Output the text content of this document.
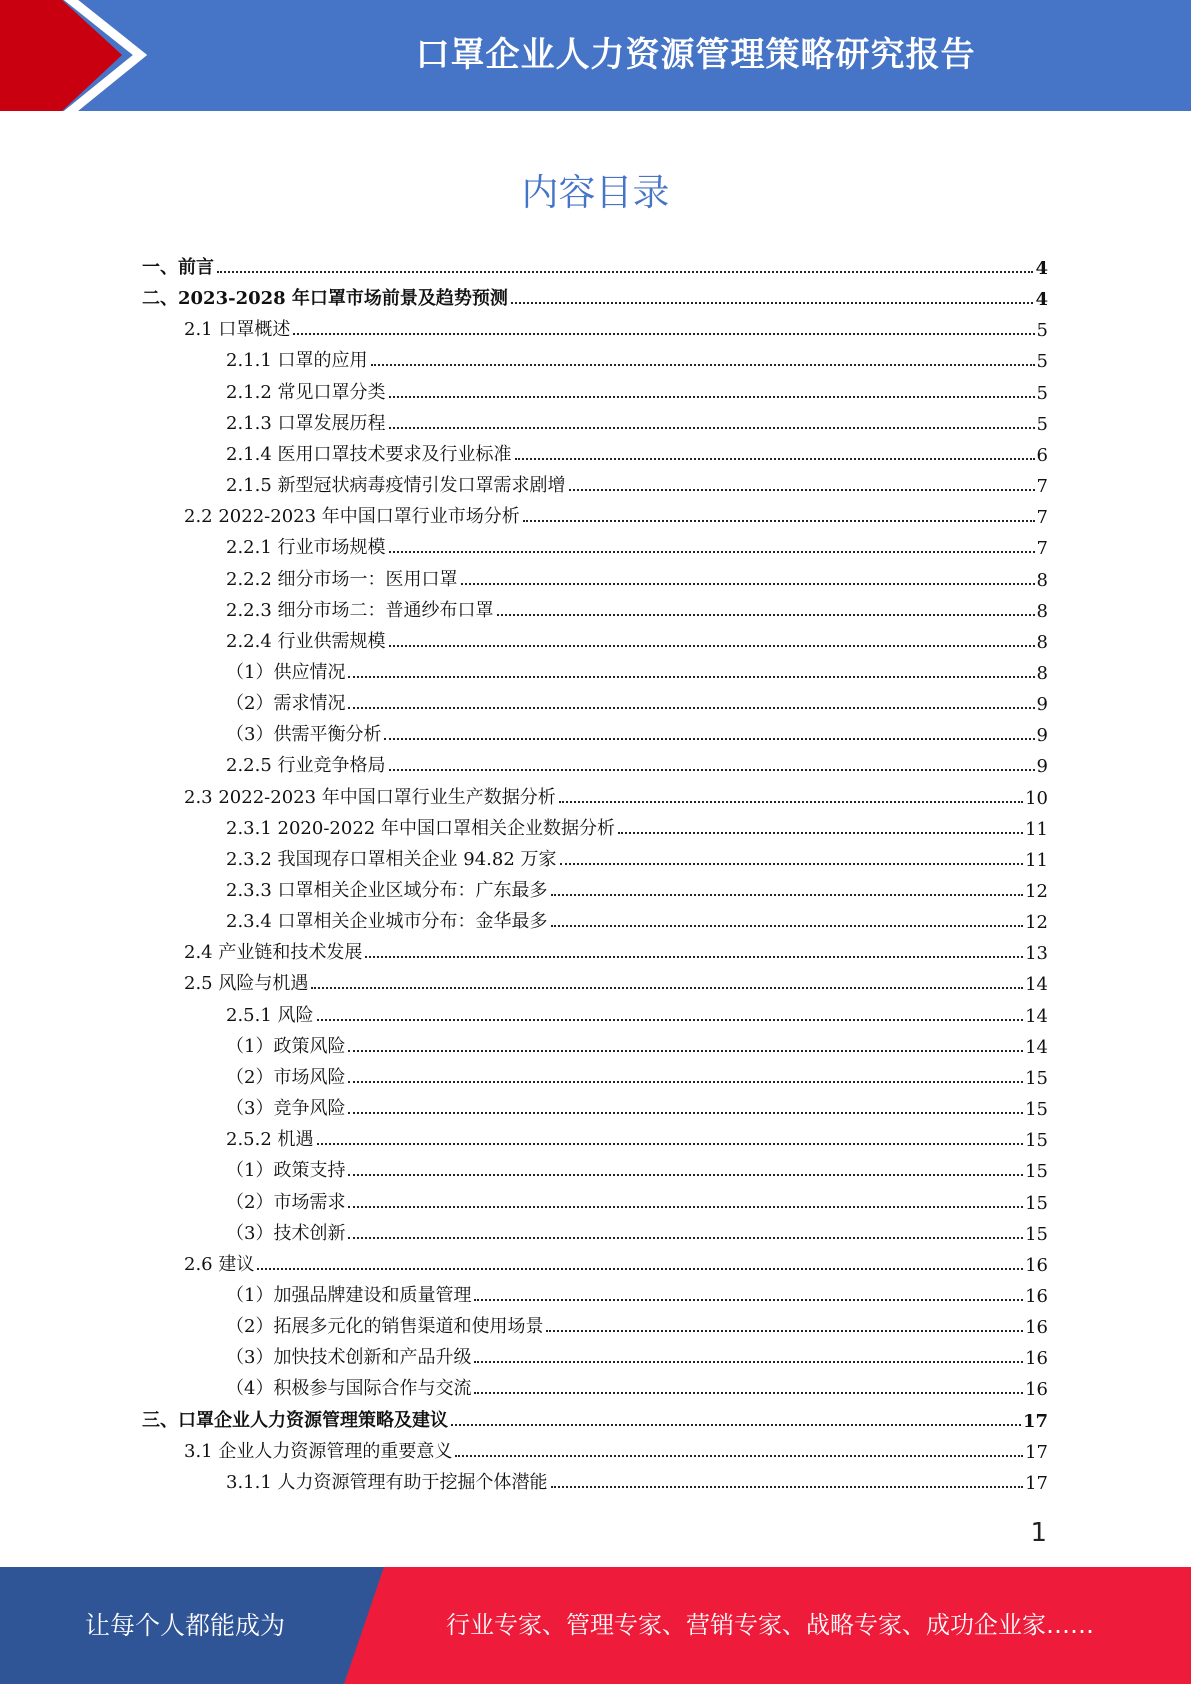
口罩企业人力资源管理策略研究报告
内容目录
一、前言	4
二、2023-2028 年口罩市场前景及趋势预测	4
2.1 口罩概述	5
2.1.1 口罩的应用	5
2.1.2 常见口罩分类	5
2.1.3 口罩发展历程	5
2.1.4 医用口罩技术要求及行业标准	6
2.1.5 新型冠状病毒疫情引发口罩需求剧增	7
2.2 2022-2023 年中国口罩行业市场分析	7
2.2.1 行业市场规模	7
2.2.2 细分市场一：医用口罩	8
2.2.3 细分市场二：普通纱布口罩	8
2.2.4 行业供需规模	8
（1）供应情况	8
（2）需求情况	9
（3）供需平衡分析	9
2.2.5 行业竞争格局	9
2.3 2022-2023 年中国口罩行业生产数据分析	10
2.3.1 2020-2022 年中国口罩相关企业数据分析	11
2.3.2 我国现存口罩相关企业 94.82 万家	11
2.3.3 口罩相关企业区域分布：广东最多	12
2.3.4 口罩相关企业城市分布：金华最多	12
2.4 产业链和技术发展	13
2.5 风险与机遇	14
2.5.1 风险	14
（1）政策风险	14
（2）市场风险	15
（3）竞争风险	15
2.5.2 机遇	15
（1）政策支持	15
（2）市场需求	15
（3）技术创新	15
2.6 建议	16
（1）加强品牌建设和质量管理	16
（2）拓展多元化的销售渠道和使用场景	16
（3）加快技术创新和产品升级	16
（4）积极参与国际合作与交流	16
三、口罩企业人力资源管理策略及建议	17
3.1 企业人力资源管理的重要意义	17
3.1.1 人力资源管理有助于挖掘个体潜能	17
1
让每个人都能成为	行业专家、管理专家、营销专家、战略专家、成功企业家……
